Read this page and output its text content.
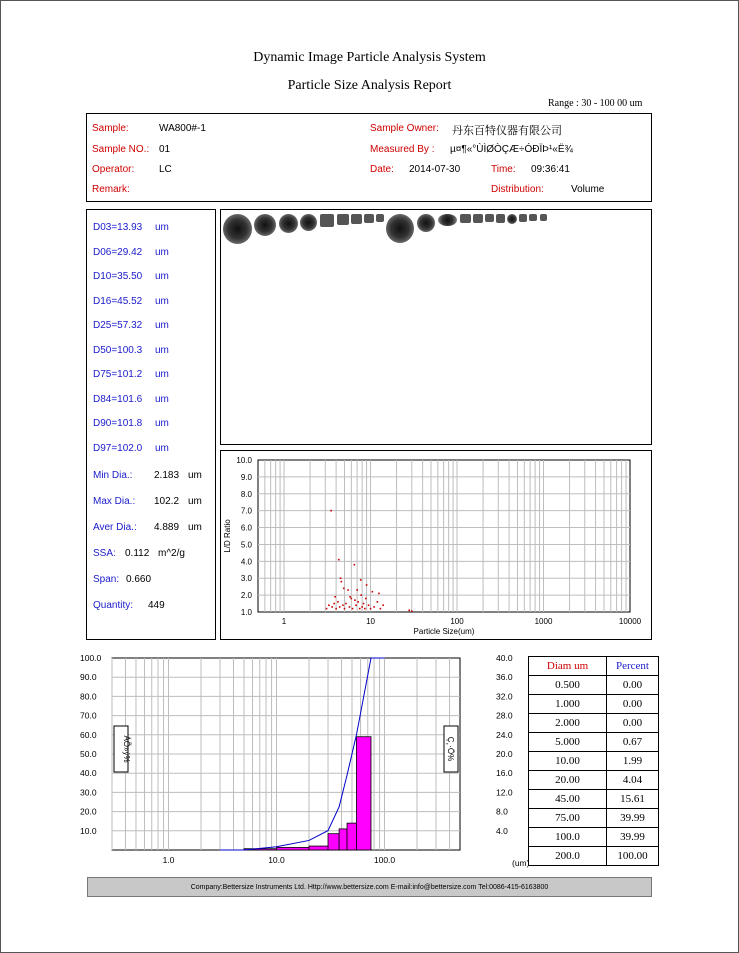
Dynamic Image Particle Analysis System
Particle Size Analysis Report
Range : 30 - 100 00 um
Sample:	WA800#-1
Sample NO.: 01
Operator: LC
Remark:
Sample Owner: 丹东百特仪器有限公司
Measured By : µ¤¶«°ÙÌØÒÇÆ÷ÓÐÏÞ¹«Ë¾
Date: 2014-07-30	Time: 09:36:41
Distribution:	Volume
D03=13.93 um
D06=29.42 um
D10=35.50 um
D16=45.52 um
D25=57.32 um
D50=100.3 um
D75=101.2 um
D84=101.6 um
D90=101.8 um
D97=102.0 um
Min Dia.: 2.183 um
Max Dia.: 102.2 um
Aver Dia.: 4.889 um
SSA: 0.112 m^2/g
Span: 0.660
Quantity: 449
10.0
9.0
8.0
7.0
6.0
5.0
4.0
3.0
2.0
1.0
1	10	100	1000	10000
Particle Size(um)
L/D Ratio
100.0
90.0
80.0
70.0
60.0
50.0
40.0
30.0
20.0
10.0
40.0
36.0
32.0
28.0
24.0
20.0
16.0
12.0
8.0
4.0
1.0	10.0	100.0	(um)
ÁÕ»ý%	Ç¸·Ö%
Diam um	Percent
0.500	0.00
1.000	0.00
2.000	0.00
5.000	0.67
10.00	1.99
20.00	4.04
45.00	15.61
75.00	39.99
100.0	39.99
200.0	100.00
Company:Bettersize Instruments Ltd. Http://www.bettersize.com E-mail:info@bettersize.com Tel:0086-415-6163800
